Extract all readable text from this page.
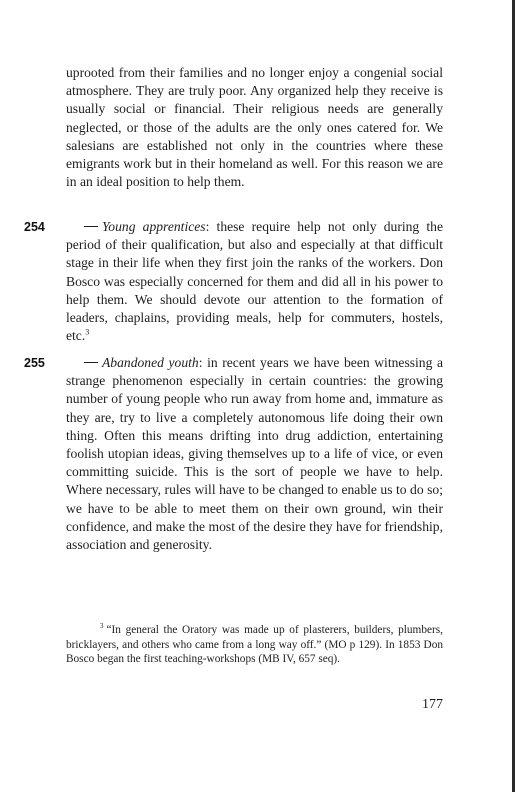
uprooted from their families and no longer enjoy a congenial social atmosphere. They are truly poor. Any organized help they receive is usually social or financial. Their religious needs are generally neglected, or those of the adults are the only ones catered for. We salesians are established not only in the countries where these emigrants work but in their homeland as well. For this reason we are in an ideal position to help them.

254	Young apprentices: these require help not only during the period of their qualification, but also and especially at that difficult stage in their life when they first join the ranks of the workers. Don Bosco was especially concerned for them and did all in his power to help them. We should devote our attention to the formation of leaders, chaplains, providing meals, help for commuters, hostels, etc.$^3$

255	Abandoned youth: in recent years we have been witnessing a strange phenomenon especially in certain countries: the growing number of young people who run away from home and, immature as they are, try to live a completely autonomous life doing their own thing. Often this means drifting into drug addiction, entertaining foolish utopian ideas, giving themselves up to a life of vice, or even committing suicide. This is the sort of people we have to help. Where necessary, rules will have to be changed to enable us to do so; we have to be able to meet them on their own ground, win their confidence, and make the most of the desire they have for friendship, association and generosity.

$^3$ “In general the Oratory was made up of plasterers, builders, plumbers, bricklayers, and others who came from a long way off.” (MO p 129). In 1853 Don Bosco began the first teaching-workshops (MB IV, 657 seq).

177
